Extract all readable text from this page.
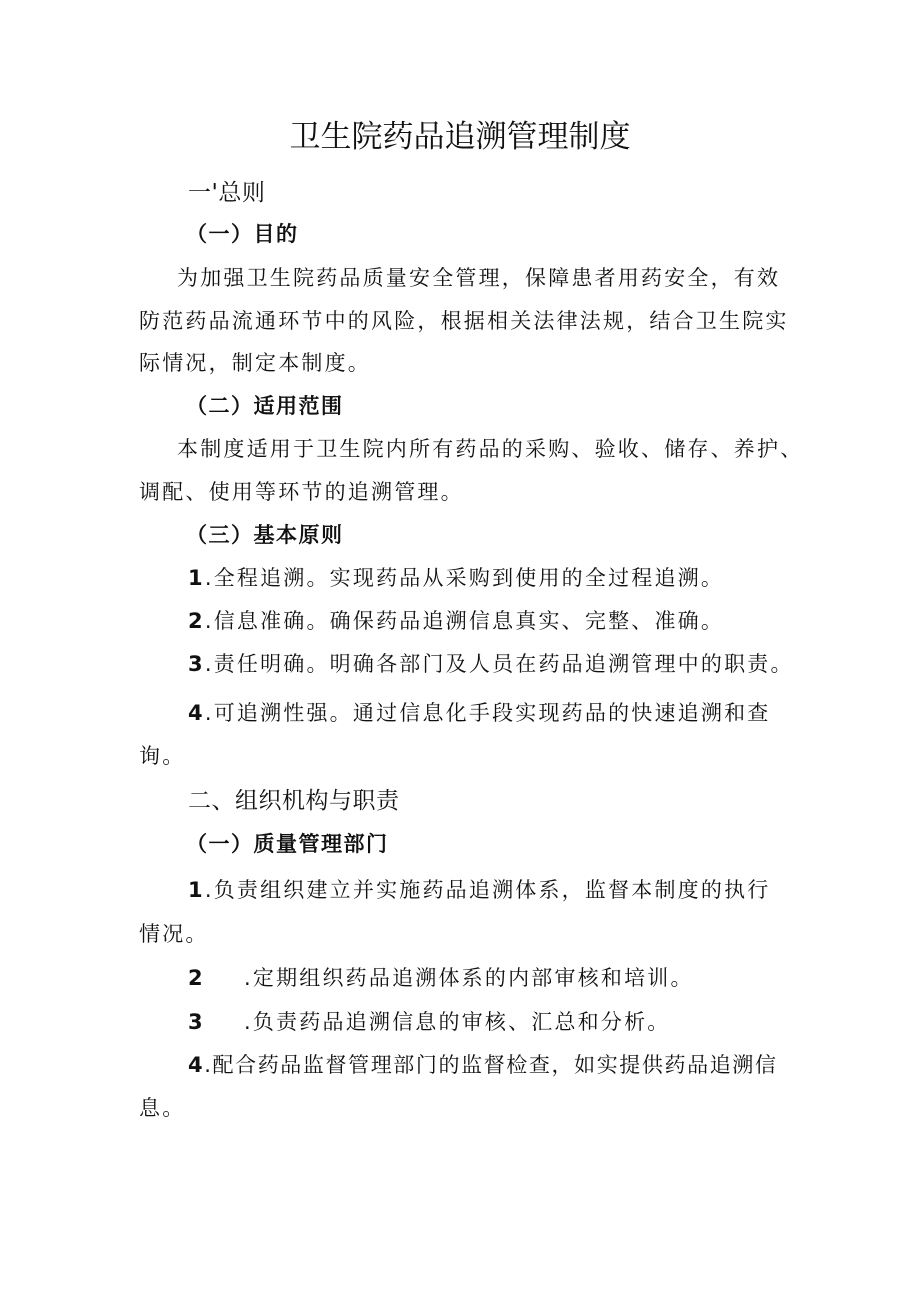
卫生院药品追溯管理制度
一'总则
（一）目的
为加强卫生院药品质量安全管理，保障患者用药安全，有效
防范药品流通环节中的风险，根据相关法律法规，结合卫生院实
际情况，制定本制度。
（二）适用范围
本制度适用于卫生院内所有药品的采购、验收、储存、养护、
调配、使用等环节的追溯管理。
（三）基本原则
1.全程追溯。实现药品从采购到使用的全过程追溯。
2.信息准确。确保药品追溯信息真实、完整、准确。
3.责任明确。明确各部门及人员在药品追溯管理中的职责。
4.可追溯性强。通过信息化手段实现药品的快速追溯和查
询。
二、组织机构与职责
（一）质量管理部门
1.负责组织建立并实施药品追溯体系，监督本制度的执行
情况。
2 .定期组织药品追溯体系的内部审核和培训。
3 .负责药品追溯信息的审核、汇总和分析。
4.配合药品监督管理部门的监督检查，如实提供药品追溯信
息。
